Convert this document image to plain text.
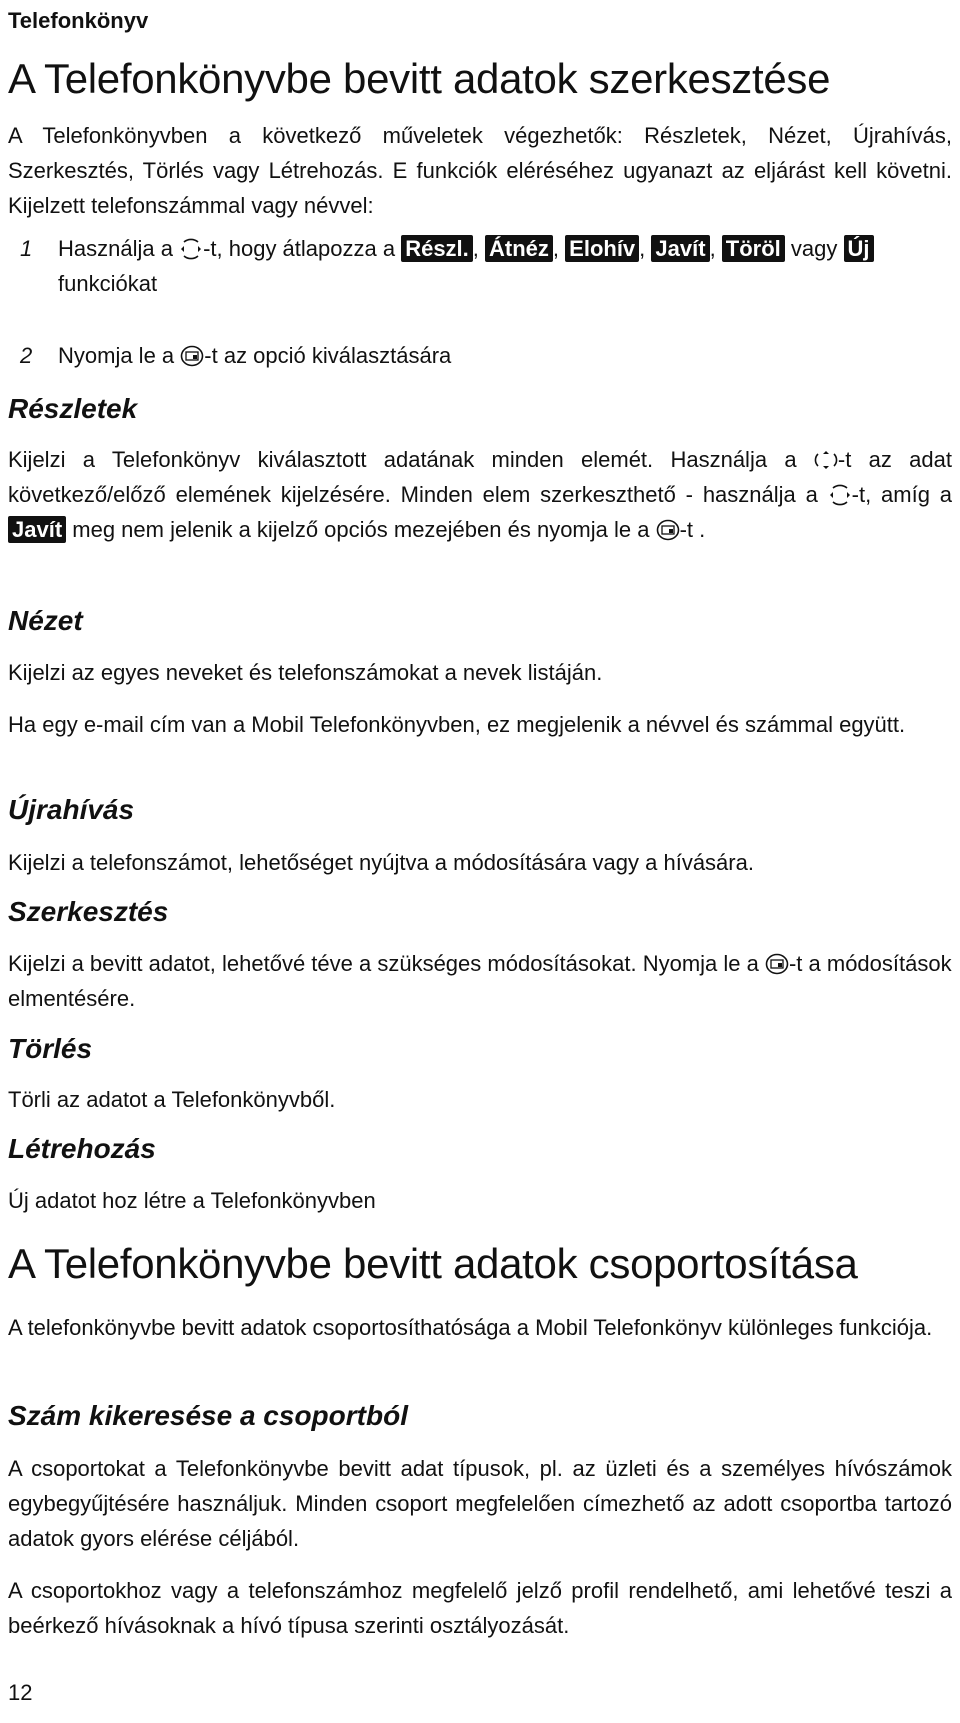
Telefonkönyv
A Telefonkönyvbe bevitt adatok szerkesztése
A Telefonkönyvben a következő műveletek végezhetők: Részletek, Nézet, Újrahívás, Szerkesztés, Törlés vagy Létrehozás. E funkciók eléréséhez ugyanazt az eljárást kell követni. Kijelzett telefonszámmal vagy névvel:
1	Használja a
-t, hogy átlapozza a Részl. , Átnéz , Elohív , Javít , Töröl vagy Új funkciókat
2	Nyomja le a
-t az opció kiválasztására
Részletek
Kijelzi a Telefonkönyv kiválasztott adatának minden elemét. Használja a
-t az adat következő/előző elemének kijelzésére. Minden elem szerkeszthető - használja a
-t, amíg a Javít meg nem jelenik a kijelző opciós mezejében és nyomja le a
-t .
Nézet
Kijelzi az egyes neveket és telefonszámokat a nevek listáján.
Ha egy e-mail cím van a Mobil Telefonkönyvben, ez megjelenik a névvel és számmal együtt.
Újrahívás
Kijelzi a telefonszámot, lehetőséget nyújtva a módosítására vagy a hívására.
Szerkesztés
Kijelzi a bevitt adatot, lehetővé téve a szükséges módosításokat. Nyomja le a
-t a módosítások elmentésére.
Törlés
Törli az adatot a Telefonkönyvből.
Létrehozás
Új adatot hoz létre a Telefonkönyvben
A Telefonkönyvbe bevitt adatok csoportosítása
A telefonkönyvbe bevitt adatok csoportosíthatósága a Mobil Telefonkönyv különleges funkciója.
Szám kikeresése a csoportból
A csoportokat a Telefonkönyvbe bevitt adat típusok, pl. az üzleti és a személyes hívószámok egybegyűjtésére használjuk. Minden csoport megfelelően címezhető az adott csoportba tartozó adatok gyors elérése céljából.
A csoportokhoz vagy a telefonszámhoz megfelelő jelző profil rendelhető, ami lehetővé teszi a beérkező hívásoknak a hívó típusa szerinti osztályozását.
12
